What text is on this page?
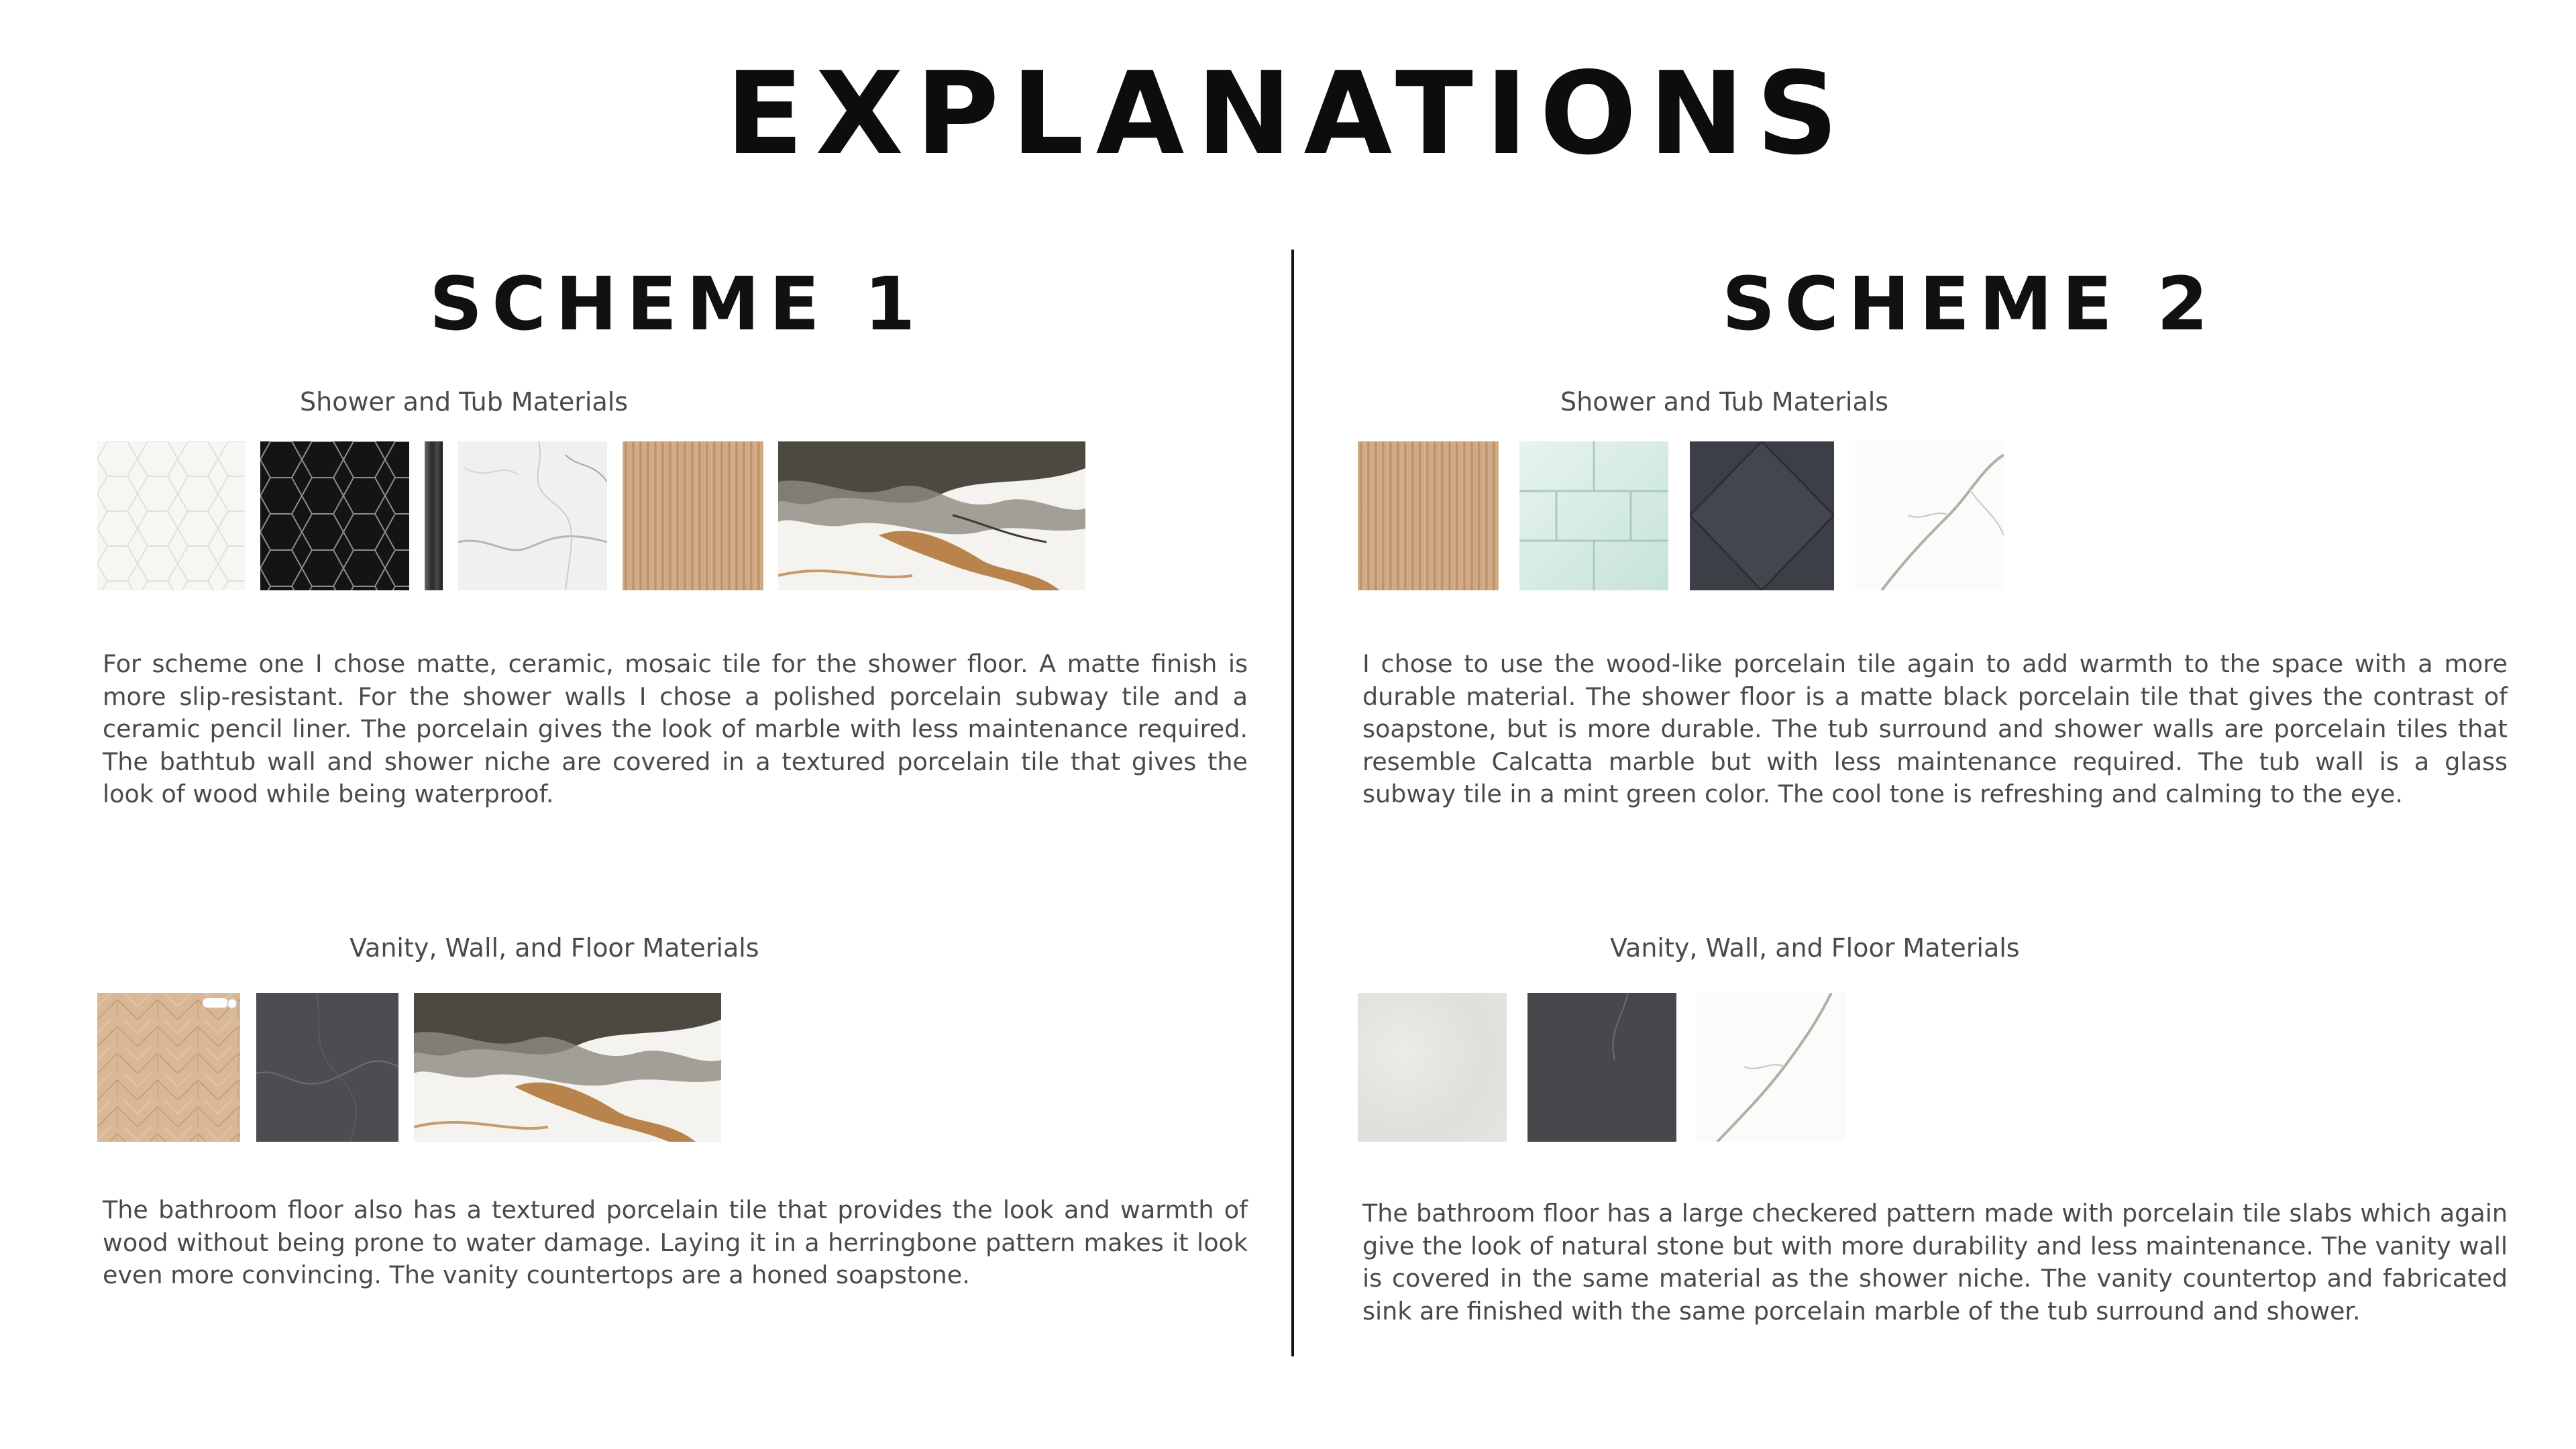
EXPLANATIONS
SCHEME 1
Shower and Tub Materials

For scheme one I chose matte, ceramic, mosaic tile for the shower floor. A matte finish is more slip-resistant. For the shower walls I chose a polished porcelain subway tile and a ceramic pencil liner. The porcelain gives the look of marble with less maintenance required. The bathtub wall and shower niche are covered in a textured porcelain tile that gives the look of wood while being waterproof.

Vanity, Wall, and Floor Materials

The bathroom floor also has a textured porcelain tile that provides the look and warmth of wood without being prone to water damage. Laying it in a herringbone pattern makes it look even more convincing. The vanity countertops are a honed soapstone.

SCHEME 2
Shower and Tub Materials

I chose to use the wood-like porcelain tile again to add warmth to the space with a more durable material. The shower floor is a matte black porcelain tile that gives the contrast of soapstone, but is more durable. The tub surround and shower walls are porcelain tiles that resemble Calcatta marble but with less maintenance required. The tub wall is a glass subway tile in a mint green color. The cool tone is refreshing and calming to the eye.

Vanity, Wall, and Floor Materials

The bathroom floor has a large checkered pattern made with porcelain tile slabs which again give the look of natural stone but with more durability and less maintenance. The vanity wall is covered in the same material as the shower niche. The vanity countertop and fabricated sink are finished with the same porcelain marble of the tub surround and shower.
